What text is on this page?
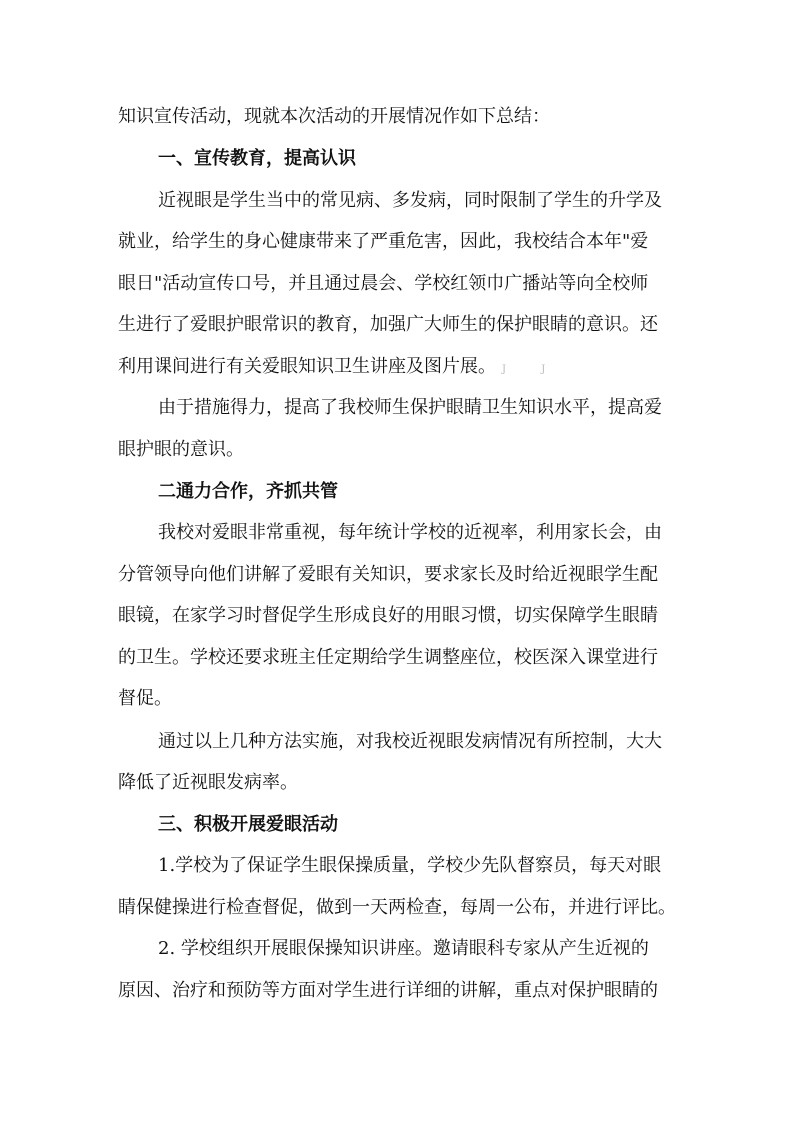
知识宣传活动，现就本次活动的开展情况作如下总结：
一、宣传教育，提高认识
近视眼是学生当中的常见病、多发病，同时限制了学生的升学及
就业，给学生的身心健康带来了严重危害，因此，我校结合本年"爱
眼日"活动宣传口号，并且通过晨会、学校红领巾广播站等向全校师
生进行了爱眼护眼常识的教育，加强广大师生的保护眼睛的意识。还
利用课间进行有关爱眼知识卫生讲座及图片展。 J J
由于措施得力，提高了我校师生保护眼睛卫生知识水平，提高爱
眼护眼的意识。
二通力合作，齐抓共管
我校对爱眼非常重视，每年统计学校的近视率，利用家长会，由
分管领导向他们讲解了爱眼有关知识，要求家长及时给近视眼学生配
眼镜，在家学习时督促学生形成良好的用眼习惯，切实保障学生眼睛
的卫生。学校还要求班主任定期给学生调整座位，校医深入课堂进行
督促。
通过以上几种方法实施，对我校近视眼发病情况有所控制，大大
降低了近视眼发病率。
三、积极开展爱眼活动
1.学校为了保证学生眼保操质量，学校少先队督察员，每天对眼
睛保健操进行检查督促，做到一天两检查，每周一公布，并进行评比。
2. 学校组织开展眼保操知识讲座。邀请眼科专家从产生近视的
原因、治疗和预防等方面对学生进行详细的讲解，重点对保护眼睛的
